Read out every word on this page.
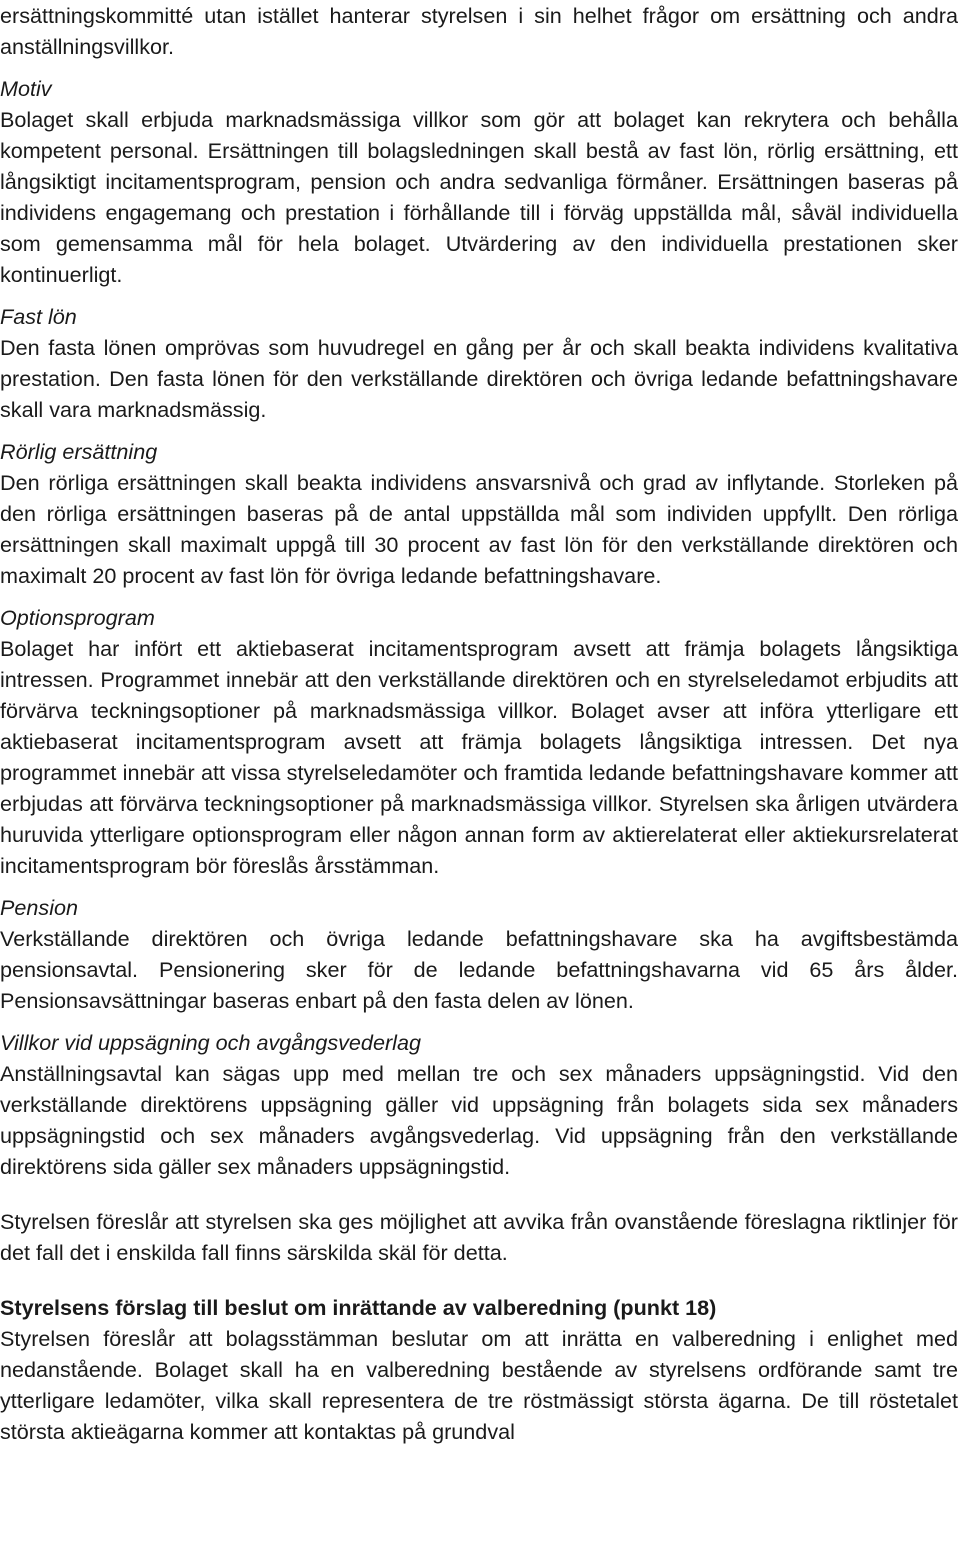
ersättningskommitté utan istället hanterar styrelsen i sin helhet frågor om ersättning och andra anställningsvillkor.

Motiv

Bolaget skall erbjuda marknadsmässiga villkor som gör att bolaget kan rekrytera och behålla kompetent personal. Ersättningen till bolagsledningen skall bestå av fast lön, rörlig ersättning, ett långsiktigt incitamentsprogram, pension och andra sedvanliga förmåner. Ersättningen baseras på individens engagemang och prestation i förhållande till i förväg uppställda mål, såväl individuella som gemensamma mål för hela bolaget. Utvärdering av den individuella prestationen sker kontinuerligt.

Fast lön

Den fasta lönen omprövas som huvudregel en gång per år och skall beakta individens kvalitativa prestation. Den fasta lönen för den verkställande direktören och övriga ledande befattningshavare skall vara marknadsmässig.

Rörlig ersättning

Den rörliga ersättningen skall beakta individens ansvarsnivå och grad av inflytande. Storleken på den rörliga ersättningen baseras på de antal uppställda mål som individen uppfyllt. Den rörliga ersättningen skall maximalt uppgå till 30 procent av fast lön för den verkställande direktören och maximalt 20 procent av fast lön för övriga ledande befattningshavare.

Optionsprogram

Bolaget har infört ett aktiebaserat incitamentsprogram avsett att främja bolagets långsiktiga intressen. Programmet innebär att den verkställande direktören och en styrelseledamot erbjudits att förvärva teckningsoptioner på marknadsmässiga villkor. Bolaget avser att införa ytterligare ett aktiebaserat incitamentsprogram avsett att främja bolagets långsiktiga intressen. Det nya programmet innebär att vissa styrelseledamöter och framtida ledande befattningshavare kommer att erbjudas att förvärva teckningsoptioner på marknadsmässiga villkor. Styrelsen ska årligen utvärdera huruvida ytterligare optionsprogram eller någon annan form av aktierelaterat eller aktiekursrelaterat incitamentsprogram bör föreslås årsstämman.

Pension

Verkställande direktören och övriga ledande befattningshavare ska ha avgiftsbestämda pensionsavtal. Pensionering sker för de ledande befattningshavarna vid 65 års ålder. Pensionsavsättningar baseras enbart på den fasta delen av lönen.

Villkor vid uppsägning och avgångsvederlag

Anställningsavtal kan sägas upp med mellan tre och sex månaders uppsägningstid. Vid den verkställande direktörens uppsägning gäller vid uppsägning från bolagets sida sex månaders uppsägningstid och sex månaders avgångsvederlag. Vid uppsägning från den verkställande direktörens sida gäller sex månaders uppsägningstid.

Styrelsen föreslår att styrelsen ska ges möjlighet att avvika från ovanstående föreslagna riktlinjer för det fall det i enskilda fall finns särskilda skäl för detta.

Styrelsens förslag till beslut om inrättande av valberedning (punkt 18)

Styrelsen föreslår att bolagsstämman beslutar om att inrätta en valberedning i enlighet med nedanstående. Bolaget skall ha en valberedning bestående av styrelsens ordförande samt tre ytterligare ledamöter, vilka skall representera de tre röstmässigt största ägarna. De till röstetalet största aktieägarna kommer att kontaktas på grundval
